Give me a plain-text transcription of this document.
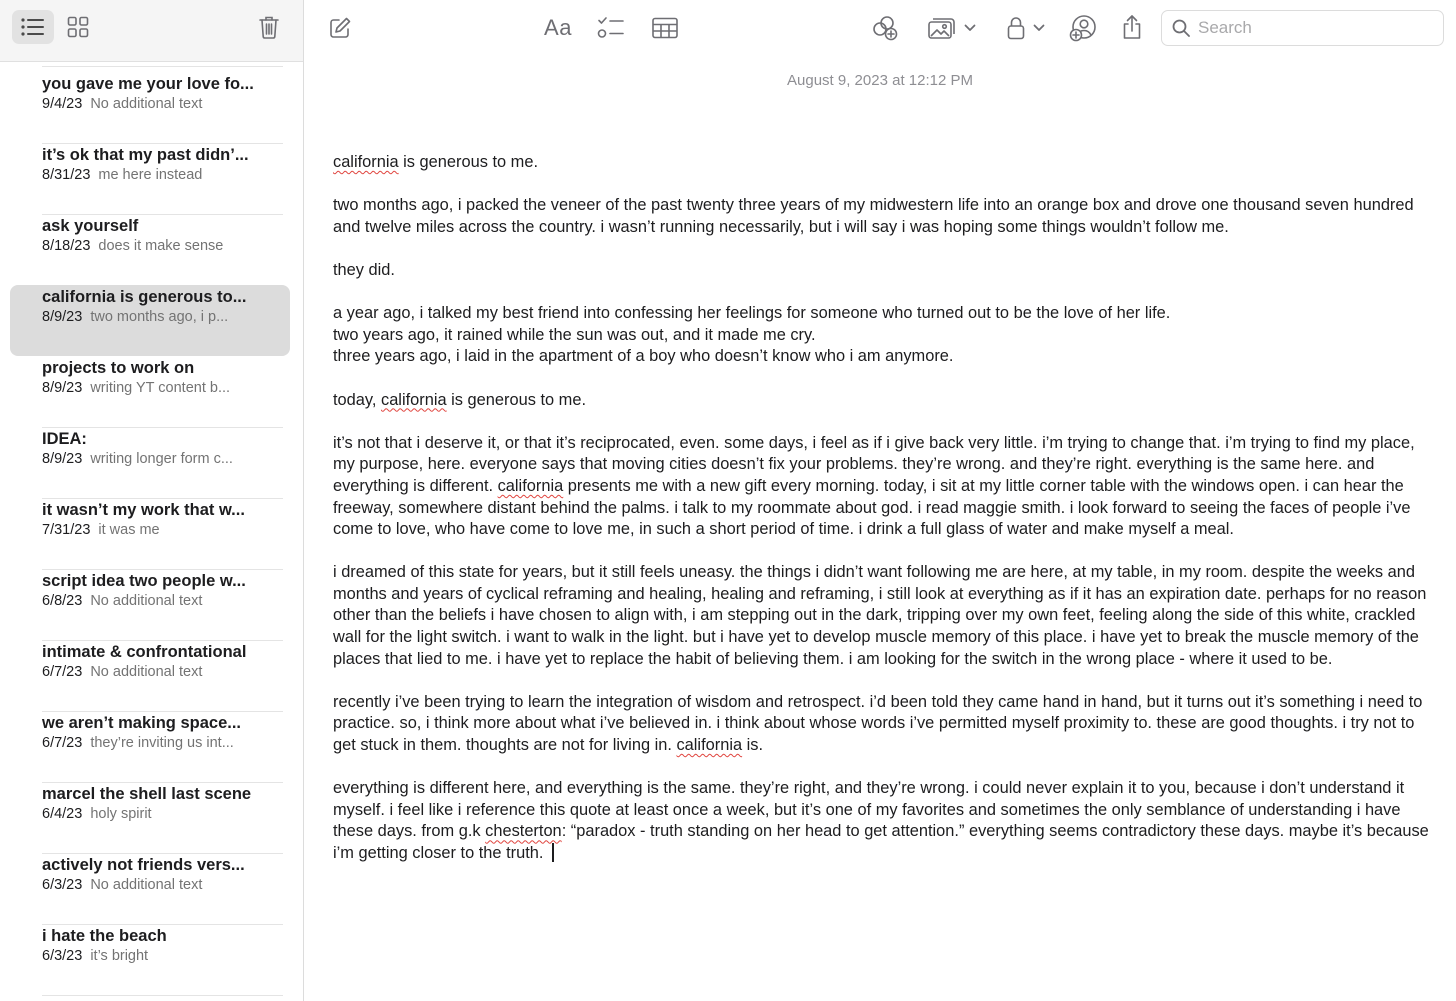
you gave me your love fo...
9/4/23 No additional text
it’s ok that my past didn’...
8/31/23 me here instead
ask yourself
8/18/23 does it make sense
california is generous to...
8/9/23 two months ago, i p...
projects to work on
8/9/23 writing YT content b...
IDEA:
8/9/23 writing longer form c...
it wasn’t my work that w...
7/31/23 it was me
script idea two people w...
6/8/23 No additional text
intimate & confrontational
6/7/23 No additional text
we aren’t making space...
6/7/23 they’re inviting us int...
marcel the shell last scene
6/4/23 holy spirit
actively not friends vers...
6/3/23 No additional text
i hate the beach
6/3/23 it’s bright
Aa
Search
August 9, 2023 at 12:12 PM
california is generous to me.
two months ago, i packed the veneer of the past twenty three years of my midwestern life into an orange box and drove one thousand seven hundred and twelve miles across the country. i wasn’t running necessarily, but i will say i was hoping some things wouldn’t follow me.
they did.
a year ago, i talked my best friend into confessing her feelings for someone who turned out to be the love of her life.
two years ago, it rained while the sun was out, and it made me cry.
three years ago, i laid in the apartment of a boy who doesn’t know who i am anymore.
today, california is generous to me.
it’s not that i deserve it, or that it’s reciprocated, even. some days, i feel as if i give back very little. i’m trying to change that. i’m trying to find my place, my purpose, here. everyone says that moving cities doesn’t fix your problems. they’re wrong. and they’re right. everything is the same here. and everything is different. california presents me with a new gift every morning. today, i sit at my little corner table with the windows open. i can hear the freeway, somewhere distant behind the palms. i talk to my roommate about god. i read maggie smith. i look forward to seeing the faces of people i’ve come to love, who have come to love me, in such a short period of time. i drink a full glass of water and make myself a meal.
i dreamed of this state for years, but it still feels uneasy. the things i didn’t want following me are here, at my table, in my room. despite the weeks and months and years of cyclical reframing and healing, healing and reframing, i still look at everything as if it has an expiration date. perhaps for no reason other than the beliefs i have chosen to align with, i am stepping out in the dark, tripping over my own feet, feeling along the side of this white, crackled wall for the light switch. i want to walk in the light. but i have yet to develop muscle memory of this place. i have yet to break the muscle memory of the places that lied to me. i have yet to replace the habit of believing them. i am looking for the switch in the wrong place - where it used to be.
recently i’ve been trying to learn the integration of wisdom and retrospect. i’d been told they came hand in hand, but it turns out it’s something i need to practice. so, i think more about what i’ve believed in. i think about whose words i’ve permitted myself proximity to. these are good thoughts. i try not to get stuck in them. thoughts are not for living in. california is.
everything is different here, and everything is the same. they’re right, and they’re wrong. i could never explain it to you, because i don’t understand it myself. i feel like i reference this quote at least once a week, but it’s one of my favorites and sometimes the only semblance of understanding i have these days. from g.k chesterton: “paradox - truth standing on her head to get attention.” everything seems contradictory these days. maybe it’s because i’m getting closer to the truth.
